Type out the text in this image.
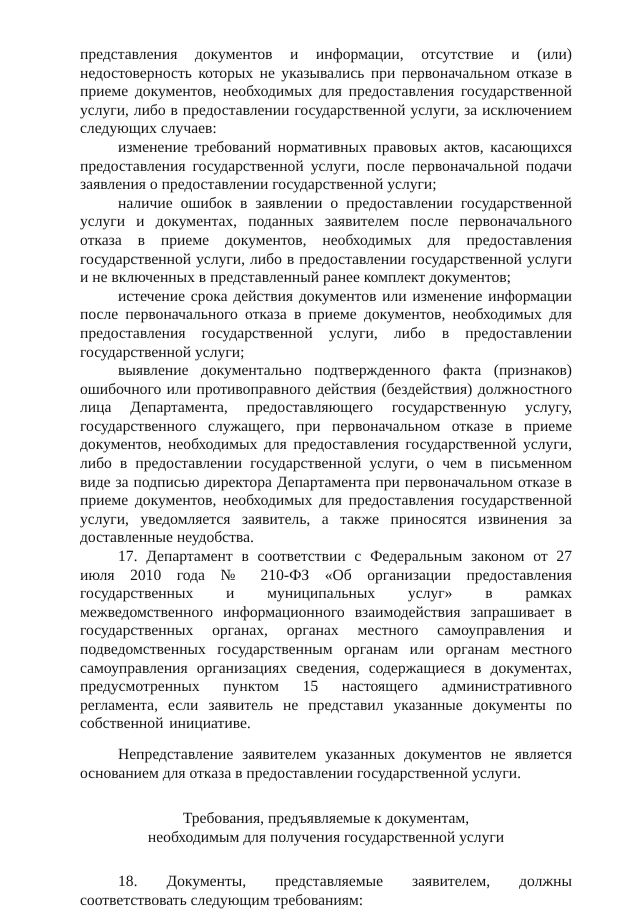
представления документов и информации, отсутствие и (или) недостоверность которых не указывались при первоначальном отказе в приеме документов, необходимых для предоставления государственной услуги, либо в предоставлении государственной услуги, за исключением следующих случаев:

изменение требований нормативных правовых актов, касающихся предоставления государственной услуги, после первоначальной подачи заявления о предоставлении государственной услуги;

наличие ошибок в заявлении о предоставлении государственной услуги и документах, поданных заявителем после первоначального отказа в приеме документов, необходимых для предоставления государственной услуги, либо в предоставлении государственной услуги и не включенных в представленный ранее комплект документов;

истечение срока действия документов или изменение информации после первоначального отказа в приеме документов, необходимых для предоставления государственной услуги, либо в предоставлении государственной услуги;

выявление документально подтвержденного факта (признаков) ошибочного или противоправного действия (бездействия) должностного лица Департамента, предоставляющего государственную услугу, государственного служащего, при первоначальном отказе в приеме документов, необходимых для предоставления государственной услуги, либо в предоставлении государственной услуги, о чем в письменном виде за подписью директора Департамента при первоначальном отказе в приеме документов, необходимых для предоставления государственной услуги, уведомляется заявитель, а также приносятся извинения за доставленные неудобства.

17. Департамент в соответствии с Федеральным законом от 27 июля 2010 года № 210-ФЗ «Об организации предоставления государственных и муниципальных услуг» в рамках межведомственного информационного взаимодействия запрашивает в государственных органах, органах местного самоуправления и подведомственных государственным органам или органам местного самоуправления организациях сведения, содержащиеся в документах, предусмотренных пунктом 15 настоящего административного регламента, если заявитель не представил указанные документы по собственной инициативе.

Непредставление заявителем указанных документов не является основанием для отказа в предоставлении государственной услуги.

Требования, предъявляемые к документам,
необходимым для получения государственной услуги

18. Документы, представляемые заявителем, должны соответствовать следующим требованиям:
